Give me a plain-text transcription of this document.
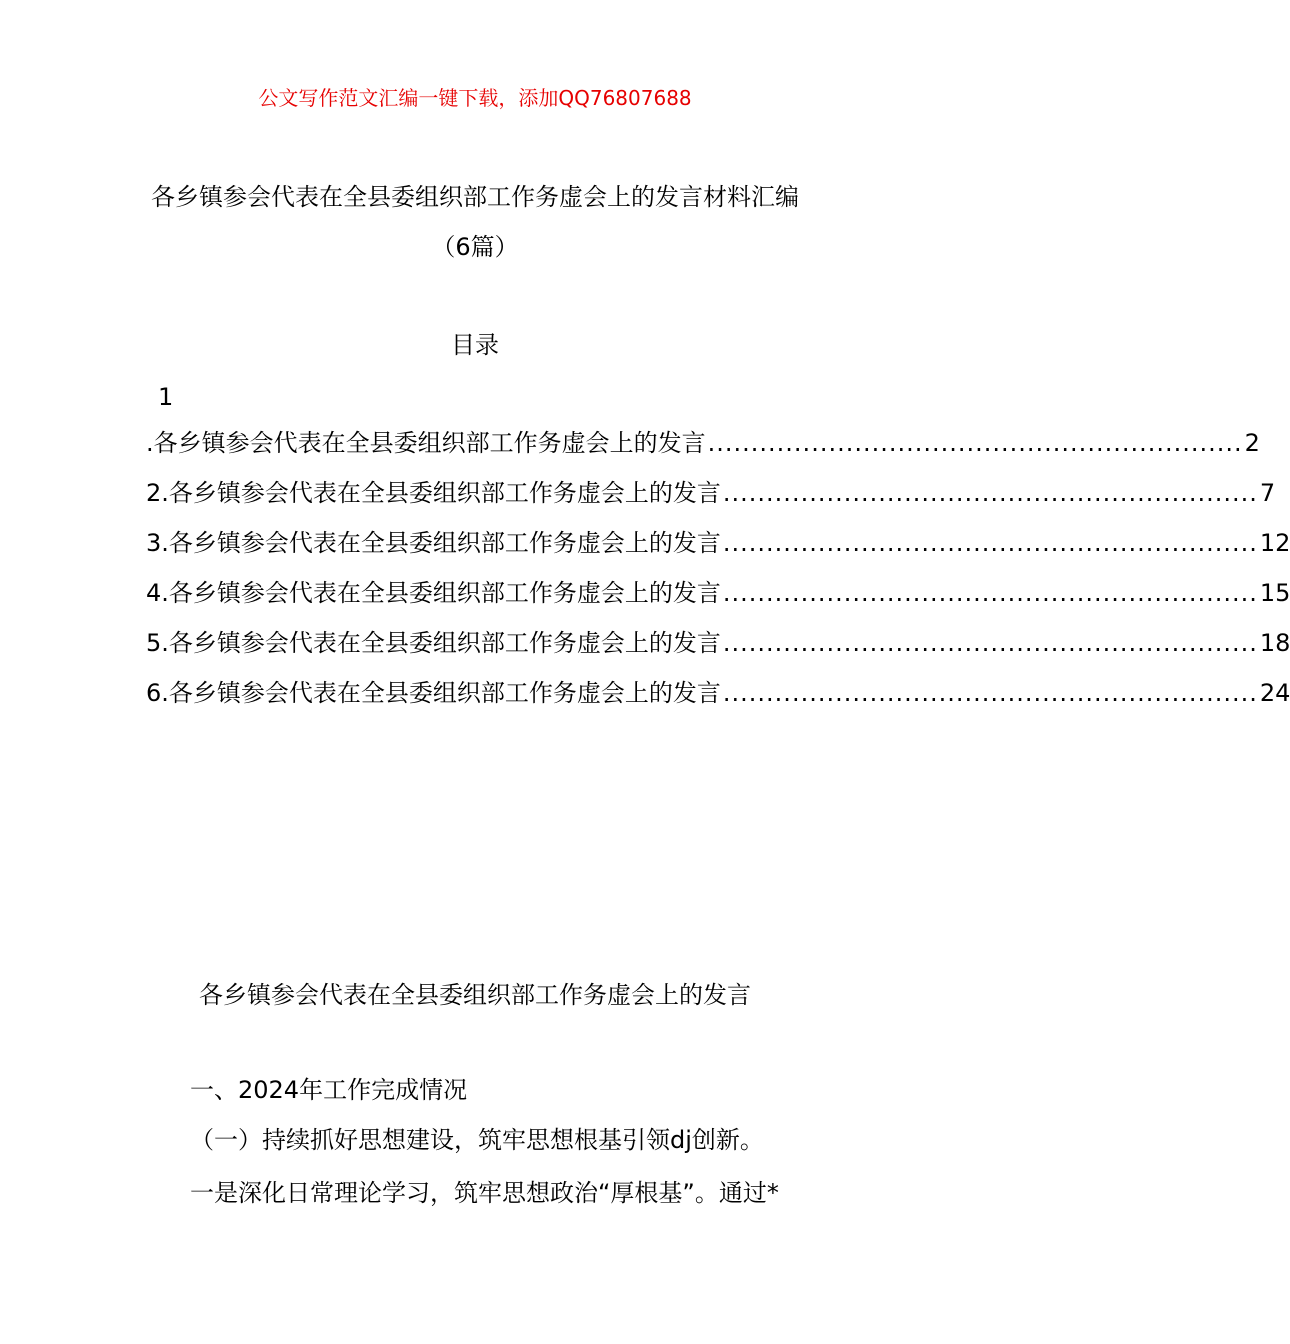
公文写作范文汇编一键下载，添加QQ76807688
各乡镇参会代表在全县委组织部工作务虚会上的发言材料汇编
（6篇）
目录
1
.各乡镇参会代表在全县委组织部工作务虚会上的发言 .............................................................. 2
2.各乡镇参会代表在全县委组织部工作务虚会上的发言 .............................................................. 7
3.各乡镇参会代表在全县委组织部工作务虚会上的发言 .............................................................. 12
4.各乡镇参会代表在全县委组织部工作务虚会上的发言 .............................................................. 15
5.各乡镇参会代表在全县委组织部工作务虚会上的发言 .............................................................. 18
6.各乡镇参会代表在全县委组织部工作务虚会上的发言 .............................................................. 24
各乡镇参会代表在全县委组织部工作务虚会上的发言
一、2024年工作完成情况
（一）持续抓好思想建设，筑牢思想根基引领dj创新。
一是深化日常理论学习，筑牢思想政治“厚根基”。通过*
